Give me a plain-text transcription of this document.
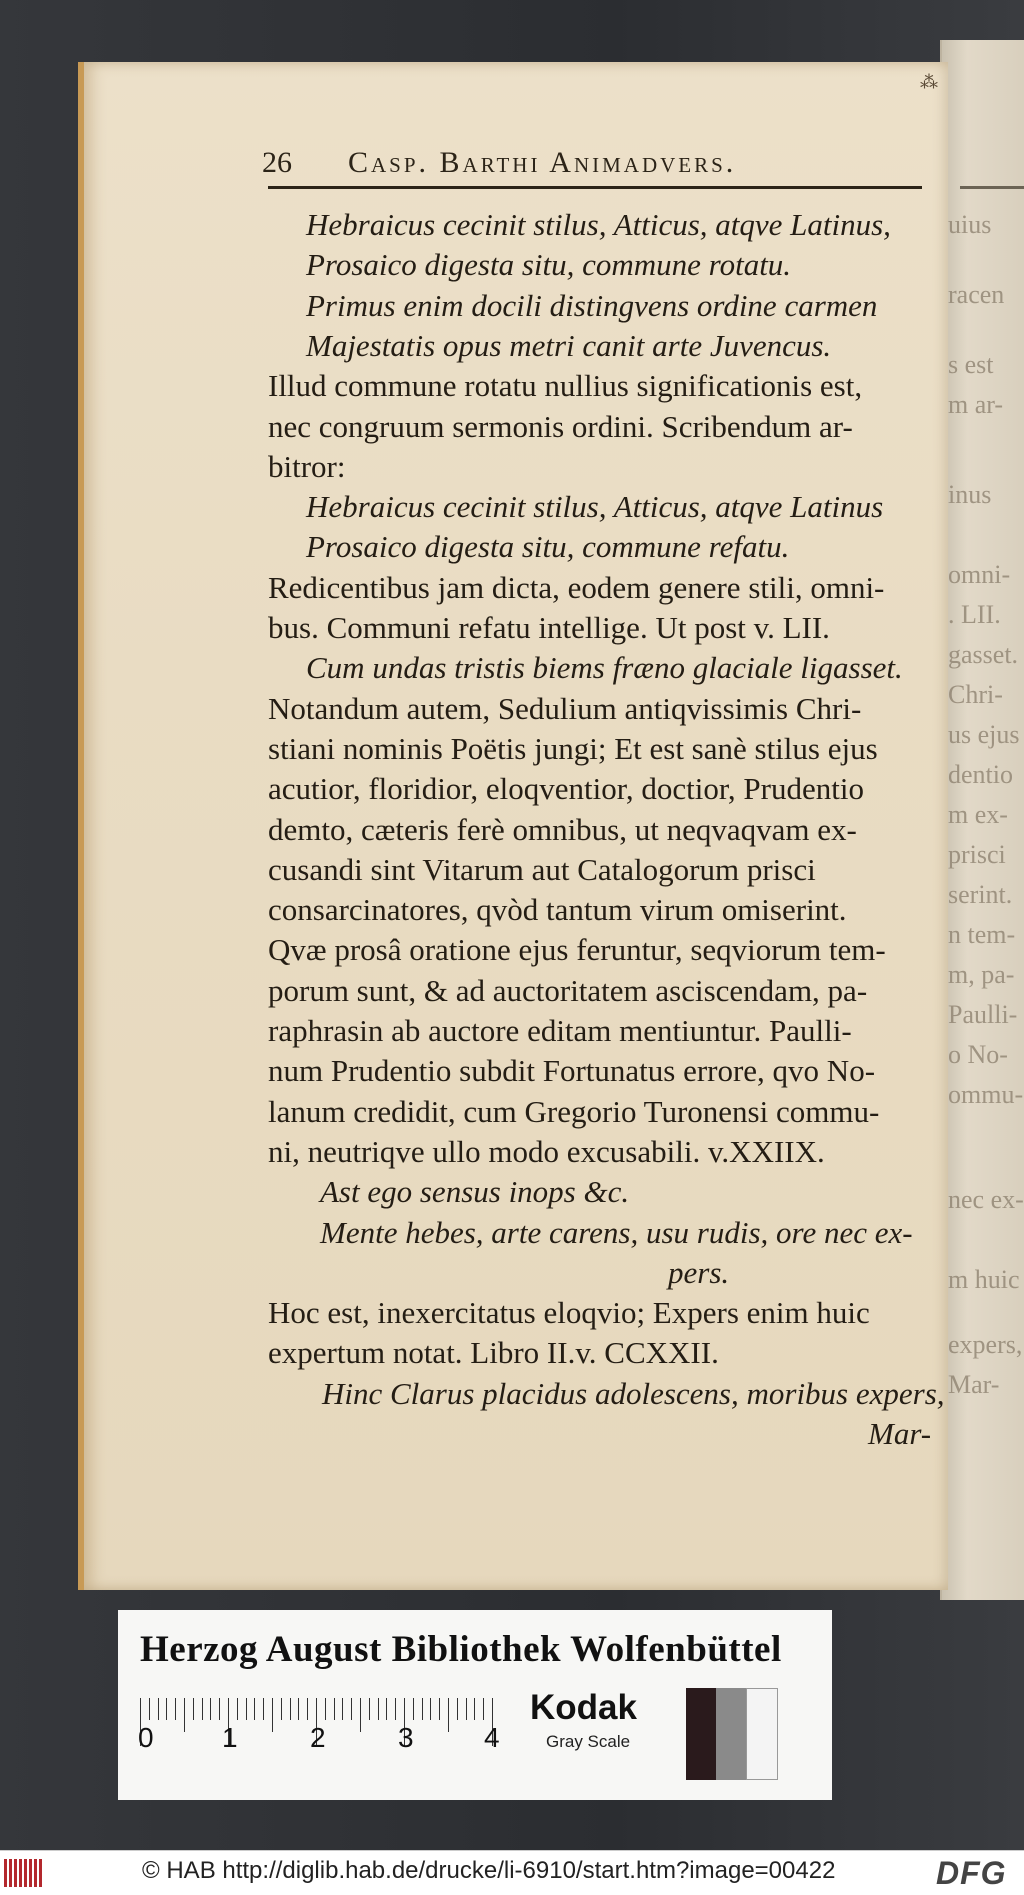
uius
racen
s est
m ar-
inus
omni-
. LII.
gasset.
Chri-
us ejus
dentio
m ex-
prisci
serint.
n tem-
m, pa-
Paulli-
o No-
ommu-
nec ex-
m huic
expers,
Mar-
⁂
26 Casp. Barthi Animadvers.
Hebraicus cecinit stilus, Atticus, atqve Latinus,
Prosaico digesta situ, commune rotatu.
Primus enim docili distingvens ordine carmen
Majestatis opus metri canit arte Juvencus.
Illud commune rotatu nullius significationis est,
nec congruum sermonis ordini. Scribendum ar-
bitror:
Hebraicus cecinit stilus, Atticus, atqve Latinus
Prosaico digesta situ, commune refatu.
Redicentibus jam dicta, eodem genere stili, omni-
bus. Communi refatu intellige. Ut post v. LII.
Cum undas tristis biems fræno glaciale ligasset.
Notandum autem, Sedulium antiqvissimis Chri-
stiani nominis Poëtis jungi; Et est sanè stilus ejus
acutior, floridior, eloqventior, doctior, Prudentio
demto, cæteris ferè omnibus, ut neqvaqvam ex-
cusandi sint Vitarum aut Catalogorum prisci
consarcinatores, qvòd tantum virum omiserint.
Qvæ prosâ oratione ejus feruntur, seqviorum tem-
porum sunt, & ad auctoritatem asciscendam, pa-
raphrasin ab auctore editam mentiuntur. Paulli-
num Prudentio subdit Fortunatus errore, qvo No-
lanum credidit, cum Gregorio Turonensi commu-
ni, neutriqve ullo modo excusabili. v.XXIIX.
Ast ego sensus inops &c.
Mente hebes, arte carens, usu rudis, ore nec ex-
pers.
Hoc est, inexercitatus eloqvio; Expers enim huic
expertum notat. Libro II.v. CCXXII.
Hinc Clarus placidus adolescens, moribus expers,
Mar-
Herzog August Bibliothek Wolfenbüttel
0 1	2	3	4
Kodak
Gray Scale
© HAB http://diglib.hab.de/drucke/li-6910/start.htm?image=00422	DFG
